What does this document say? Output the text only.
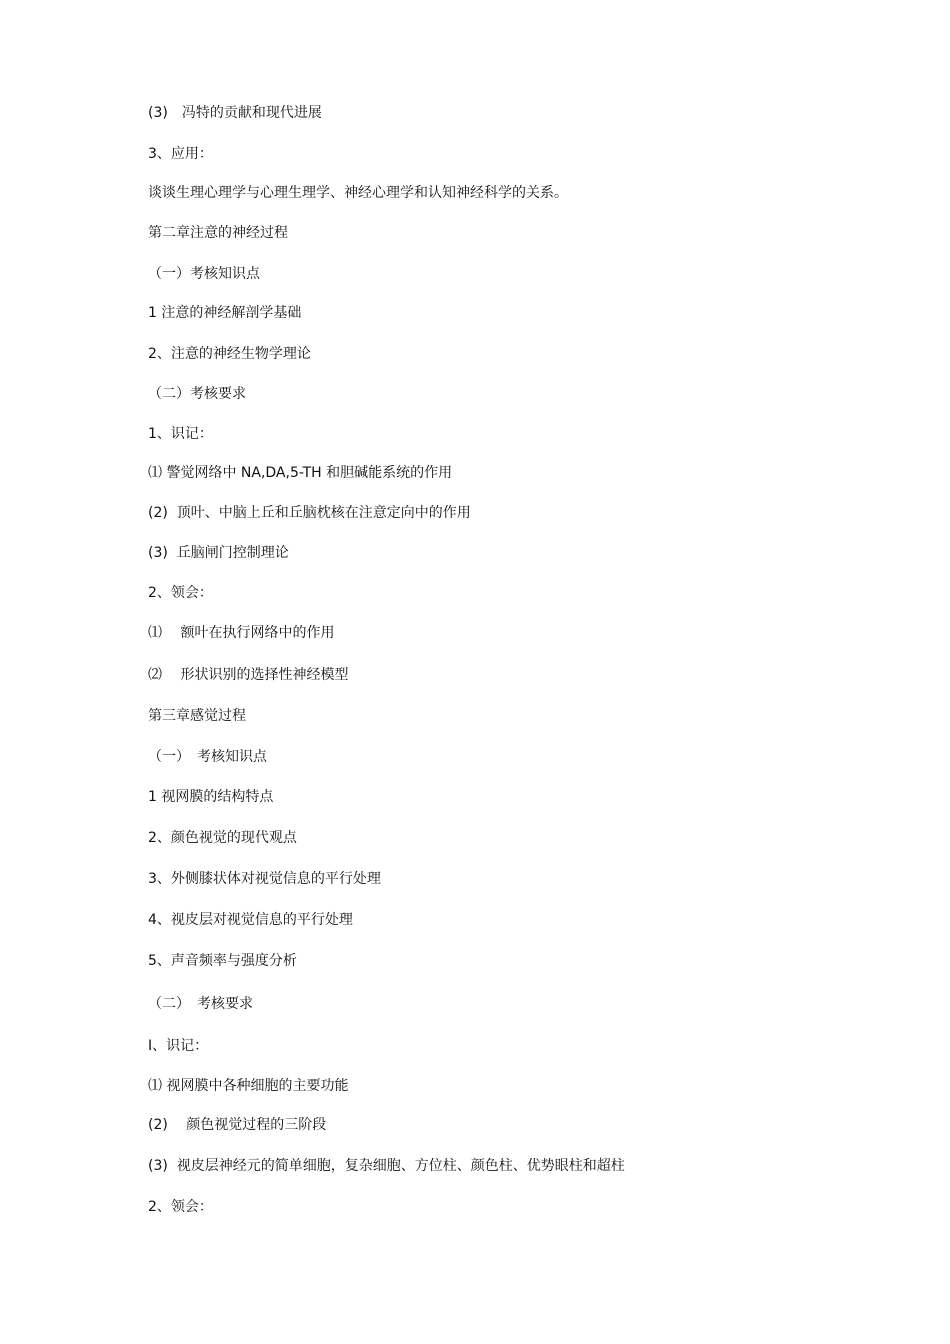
(3)　冯特的贡献和现代进展

3、应用：

谈谈生理心理学与心理生理学、神经心理学和认知神经科学的关系。

第二章注意的神经过程

（一）考核知识点

1 注意的神经解剖学基础

2、注意的神经生物学理论

（二）考核要求

1、识记：

⑴ 警觉网络中 NA,DA,5-TH 和胆碱能系统的作用

(2)  顶叶、中脑上丘和丘脑枕核在注意定向中的作用

(3)  丘脑闸门控制理论

2、领会：

⑴　 额叶在执行网络中的作用

⑵　 形状识别的选择性神经模型

第三章感觉过程

（一）　考核知识点

1 视网膜的结构特点

2、颜色视觉的现代观点

3、外侧膝状体对视觉信息的平行处理

4、视皮层对视觉信息的平行处理

5、声音频率与强度分析

（二）　考核要求

I、识记：

⑴ 视网膜中各种细胞的主要功能

(2)　 颜色视觉过程的三阶段

(3)  视皮层神经元的简单细胞，复杂细胞、方位柱、颜色柱、优势眼柱和超柱

2、领会：
